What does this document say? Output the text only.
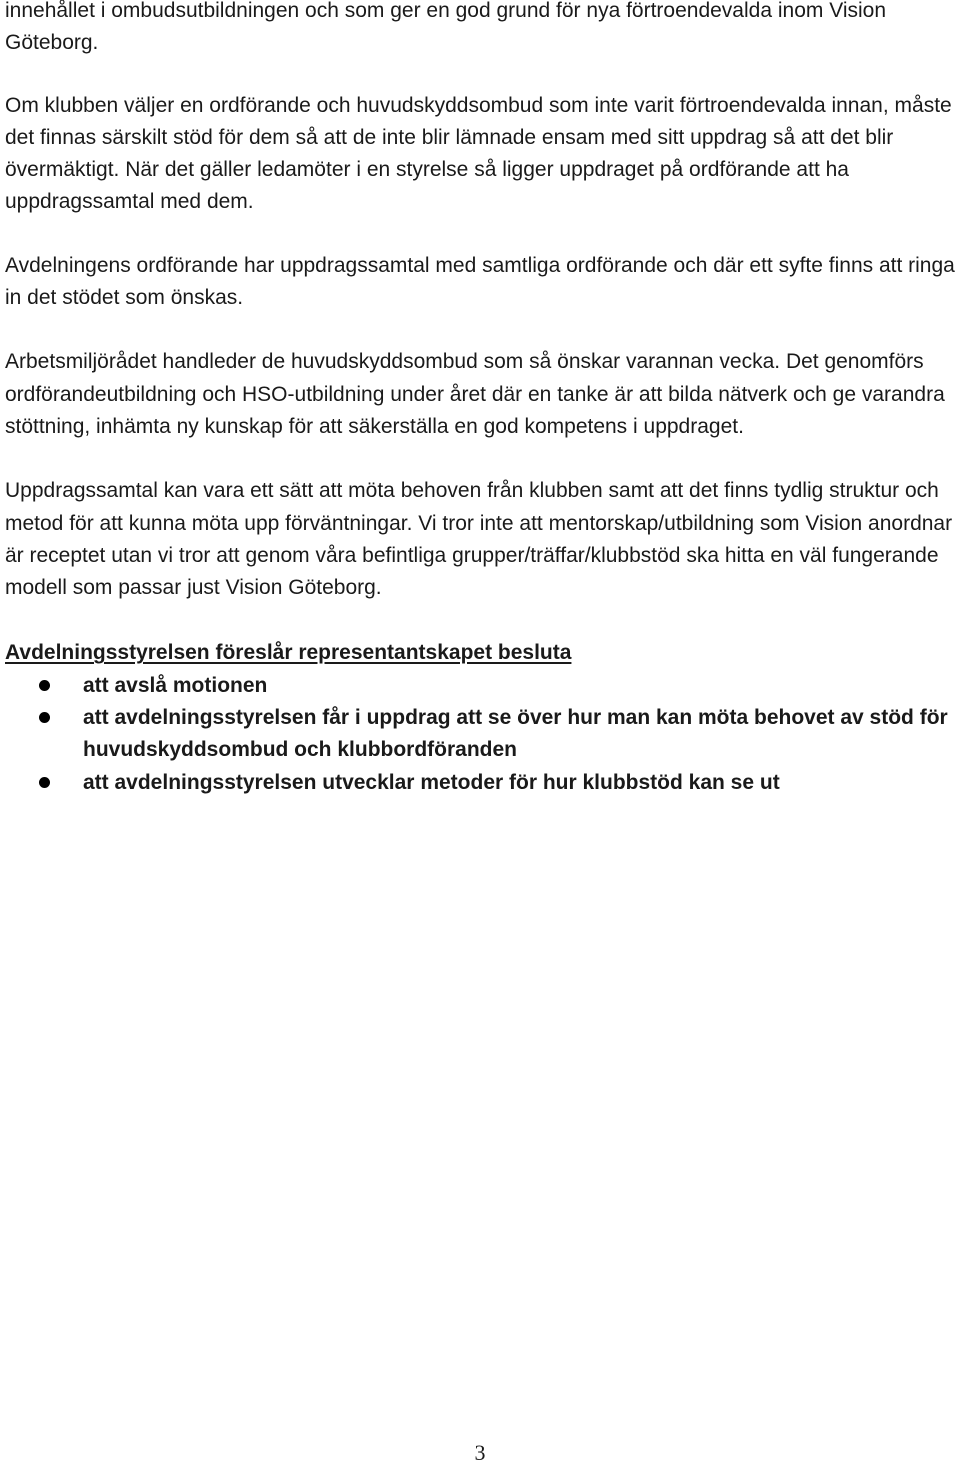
innehållet i ombudsutbildningen och som ger en god grund för nya förtroendevalda inom Vision Göteborg.

Om klubben väljer en ordförande och huvudskyddsombud som inte varit förtroendevalda innan, måste det finnas särskilt stöd för dem så att de inte blir lämnade ensam med sitt uppdrag så att det blir övermäktigt. När det gäller ledamöter i en styrelse så ligger uppdraget på ordförande att ha uppdragssamtal med dem.

Avdelningens ordförande har uppdragssamtal med samtliga ordförande och där ett syfte finns att ringa in det stödet som önskas.

Arbetsmiljörådet handleder de huvudskyddsombud som så önskar varannan vecka. Det genomförs ordförandeutbildning och HSO-utbildning under året där en tanke är att bilda nätverk och ge varandra stöttning, inhämta ny kunskap för att säkerställa en god kompetens i uppdraget.

Uppdragssamtal kan vara ett sätt att möta behoven från klubben samt att det finns tydlig struktur och metod för att kunna möta upp förväntningar. Vi tror inte att mentorskap/utbildning som Vision anordnar är receptet utan vi tror att genom våra befintliga grupper/träffar/klubbstöd ska hitta en väl fungerande modell som passar just Vision Göteborg.

Avdelningsstyrelsen föreslår representantskapet besluta

att avslå motionen
att avdelningsstyrelsen får i uppdrag att se över hur man kan möta behovet av stöd för huvudskyddsombud och klubbordföranden
att avdelningsstyrelsen utvecklar metoder för hur klubbstöd kan se ut
3
